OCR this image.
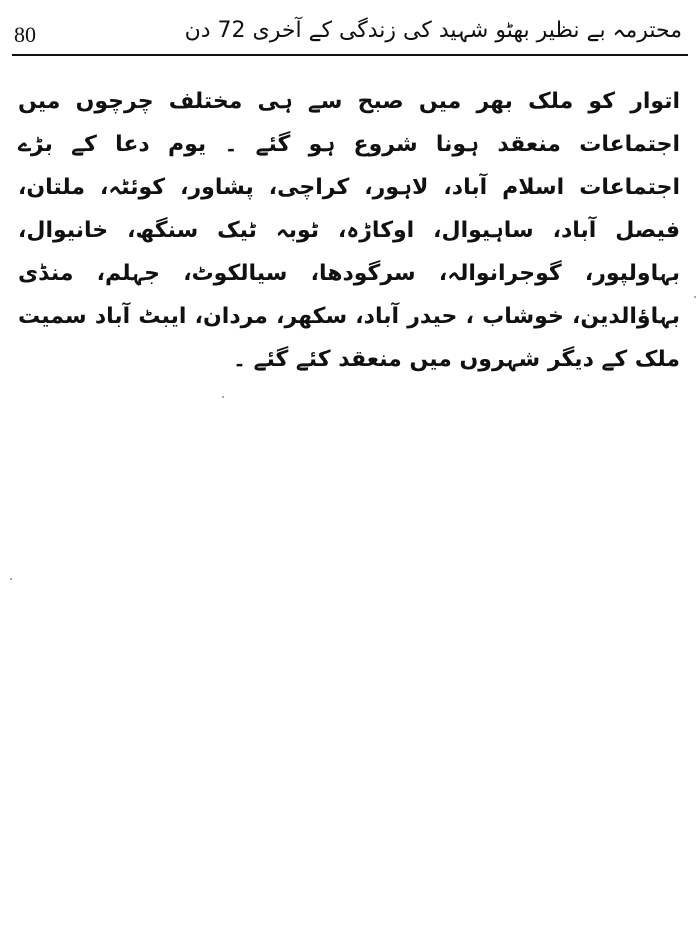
80	محترمہ بے نظیر بھٹو شہید کی زندگی کے آخری 72 دن
اتوار کو ملک بھر میں صبح سے ہی مختلف چرچوں میں اجتماعات منعقد ہونا شروع ہو گئے ۔ یوم دعا کے بڑے اجتماعات اسلام آباد، لاہور، کراچی، پشاور، کوئٹہ، ملتان، فیصل آباد، ساہیوال، اوکاڑہ، ٹوبہ ٹیک سنگھ، خانیوال، بہاولپور، گوجرانوالہ، سرگودھا، سیالکوٹ، جہلم، منڈی بہاؤالدین، خوشاب ، حیدر آباد، سکھر، مردان، ایبٹ آباد سمیت ملک کے دیگر شہروں میں منعقد کئے گئے ۔
